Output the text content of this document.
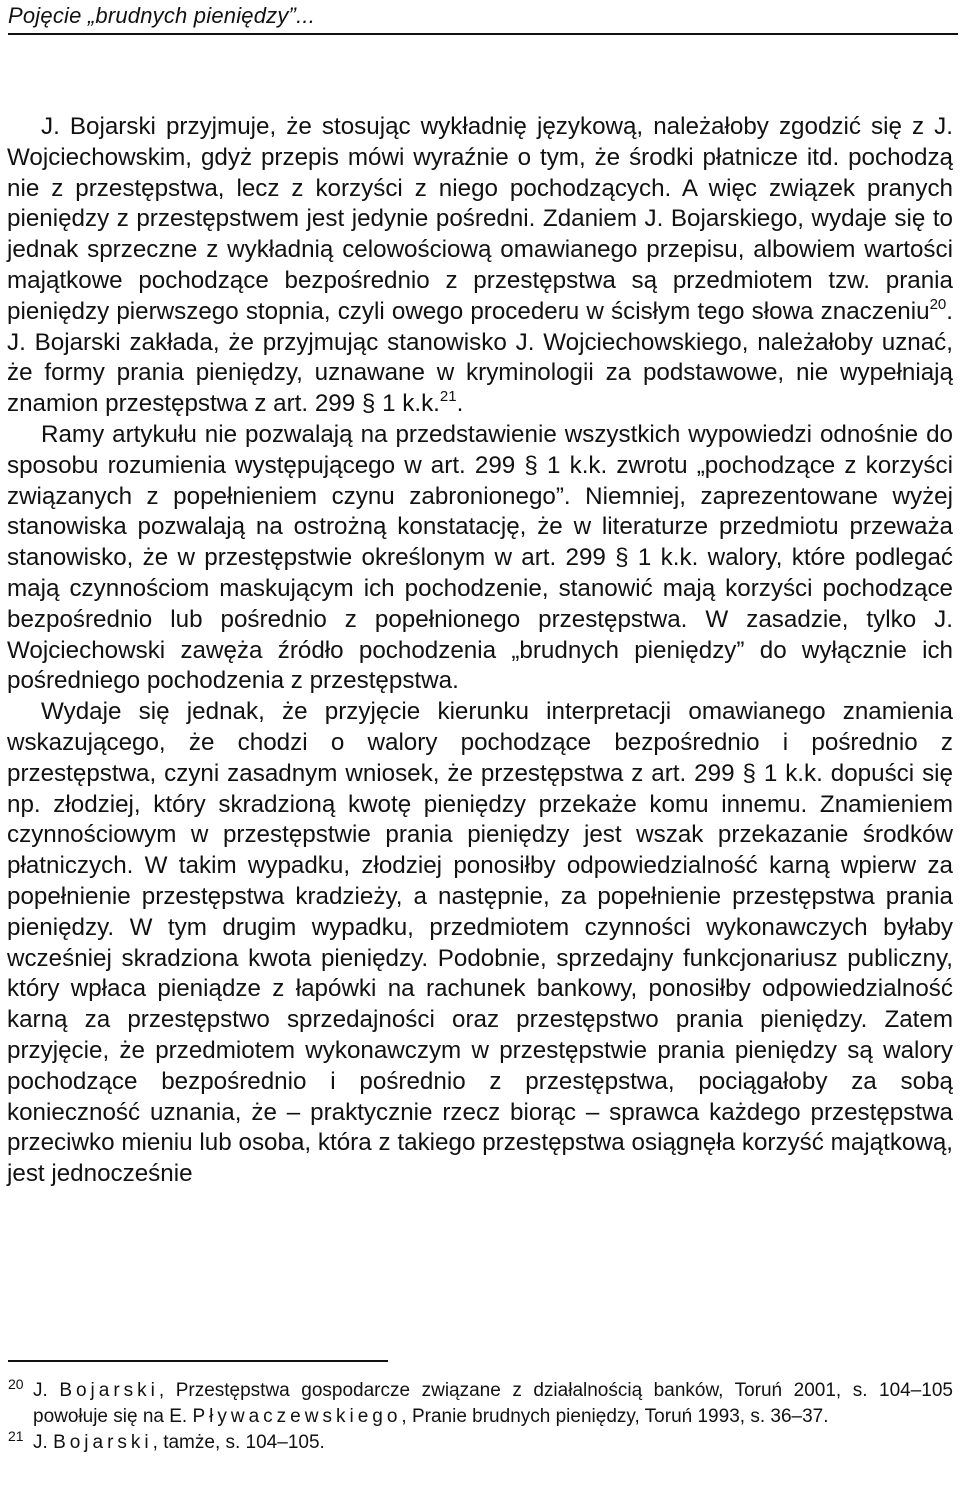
Pojęcie „brudnych pieniędzy”...

J. Bojarski przyjmuje, że stosując wykładnię językową, należałoby zgodzić się z J. Wojciechowskim, gdyż przepis mówi wyraźnie o tym, że środki płatnicze itd. pochodzą nie z przestępstwa, lecz z korzyści z niego pochodzących. A więc związek pranych pieniędzy z przestępstwem jest jedynie pośredni. Zdaniem J. Bojarskiego, wydaje się to jednak sprzeczne z wykładnią celowościową omawianego przepisu, albowiem wartości majątkowe pochodzące bezpośrednio z przestępstwa są przedmiotem tzw. prania pieniędzy pierwszego stopnia, czyli owego procederu w ścisłym tego słowa znaczeniu$^{20}$. J. Bojarski zakłada, że przyjmując stanowisko J. Wojciechowskiego, należałoby uznać, że formy prania pieniędzy, uznawane w kryminologii za podstawowe, nie wypełniają znamion przestępstwa z art. 299 § 1 k.k.$^{21}$.

Ramy artykułu nie pozwalają na przedstawienie wszystkich wypowiedzi odnośnie do sposobu rozumienia występującego w art. 299 § 1 k.k. zwrotu „pochodzące z korzyści związanych z popełnieniem czynu zabronionego”. Niemniej, zaprezentowane wyżej stanowiska pozwalają na ostrożną konstatację, że w literaturze przedmiotu przeważa stanowisko, że w przestępstwie określonym w art. 299 § 1 k.k. walory, które podlegać mają czynnościom maskującym ich pochodzenie, stanowić mają korzyści pochodzące bezpośrednio lub pośrednio z popełnionego przestępstwa. W zasadzie, tylko J. Wojciechowski zawęża źródło pochodzenia „brudnych pieniędzy” do wyłącznie ich pośredniego pochodzenia z przestępstwa.

Wydaje się jednak, że przyjęcie kierunku interpretacji omawianego znamienia wskazującego, że chodzi o walory pochodzące bezpośrednio i pośrednio z przestępstwa, czyni zasadnym wniosek, że przestępstwa z art. 299 § 1 k.k. dopuści się np. złodziej, który skradzioną kwotę pieniędzy przekaże komu innemu. Znamieniem czynnościowym w przestępstwie prania pieniędzy jest wszak przekazanie środków płatniczych. W takim wypadku, złodziej ponosiłby odpowiedzialność karną wpierw za popełnienie przestępstwa kradzieży, a następnie, za popełnienie przestępstwa prania pieniędzy. W tym drugim wypadku, przedmiotem czynności wykonawczych byłaby wcześniej skradziona kwota pieniędzy. Podobnie, sprzedajny funkcjonariusz publiczny, który wpłaca pieniądze z łapówki na rachunek bankowy, ponosiłby odpowiedzialność karną za przestępstwo sprzedajności oraz przestępstwo prania pieniędzy. Zatem przyjęcie, że przedmiotem wykonawczym w przestępstwie prania pieniędzy są walory pochodzące bezpośrednio i pośrednio z przestępstwa, pociągałoby za sobą konieczność uznania, że – praktycznie rzecz biorąc – sprawca każdego przestępstwa przeciwko mieniu lub osoba, która z takiego przestępstwa osiągnęła korzyść majątkową, jest jednocześnie

20 J. Bojarski, Przestępstwa gospodarcze związane z działalnością banków, Toruń 2001, s. 104–105 powołuje się na E. Pływaczewskiego, Pranie brudnych pieniędzy, Toruń 1993, s. 36–37.
21 J. Bojarski, tamże, s. 104–105.
